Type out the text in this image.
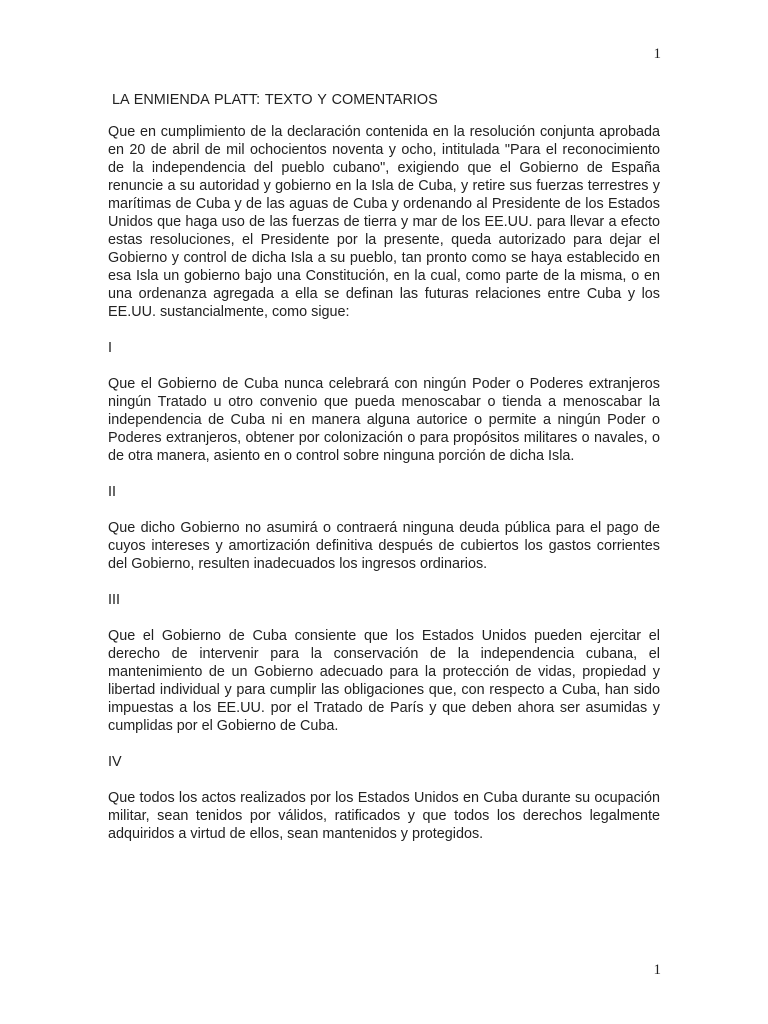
1
LA ENMIENDA PLATT: TEXTO Y COMENTARIOS

Que en cumplimiento de la declaración contenida en la resolución conjunta aprobada en 20 de abril de mil ochocientos noventa y ocho, intitulada "Para el reconocimiento de la independencia del pueblo cubano", exigiendo que el Gobierno de España renuncie a su autoridad y gobierno en la Isla de Cuba, y retire sus fuerzas terrestres y marítimas de Cuba y de las aguas de Cuba y ordenando al Presidente de los Estados Unidos que haga uso de las fuerzas de tierra y mar de los EE.UU. para llevar a efecto estas resoluciones, el Presidente por la presente, queda autorizado para dejar el Gobierno y control de dicha Isla a su pueblo, tan pronto como se haya establecido en esa Isla un gobierno bajo una Constitución, en la cual, como parte de la misma, o en una ordenanza agregada a ella se definan las futuras relaciones entre Cuba y los EE.UU. sustancialmente, como sigue:

I

Que el Gobierno de Cuba nunca celebrará con ningún Poder o Poderes extranjeros ningún Tratado u otro convenio que pueda menoscabar o tienda a menoscabar la independencia de Cuba ni en manera alguna autorice o permite a ningún Poder o Poderes extranjeros, obtener por colonización o para propósitos militares o navales, o de otra manera, asiento en o control sobre ninguna porción de dicha Isla.

II

Que dicho Gobierno no asumirá o contraerá ninguna deuda pública para el pago de cuyos intereses y amortización definitiva después de cubiertos los gastos corrientes del Gobierno, resulten inadecuados los ingresos ordinarios.

III

Que el Gobierno de Cuba consiente que los Estados Unidos pueden ejercitar el derecho de intervenir para la conservación de la independencia cubana, el mantenimiento de un Gobierno adecuado para la protección de vidas, propiedad y libertad individual y para cumplir las obligaciones que, con respecto a Cuba, han sido impuestas a los EE.UU. por el Tratado de París y que deben ahora ser asumidas y cumplidas por el Gobierno de Cuba.

IV

Que todos los actos realizados por los Estados Unidos en Cuba durante su ocupación militar, sean tenidos por válidos, ratificados y que todos los derechos legalmente adquiridos a virtud de ellos, sean mantenidos y protegidos.

1
